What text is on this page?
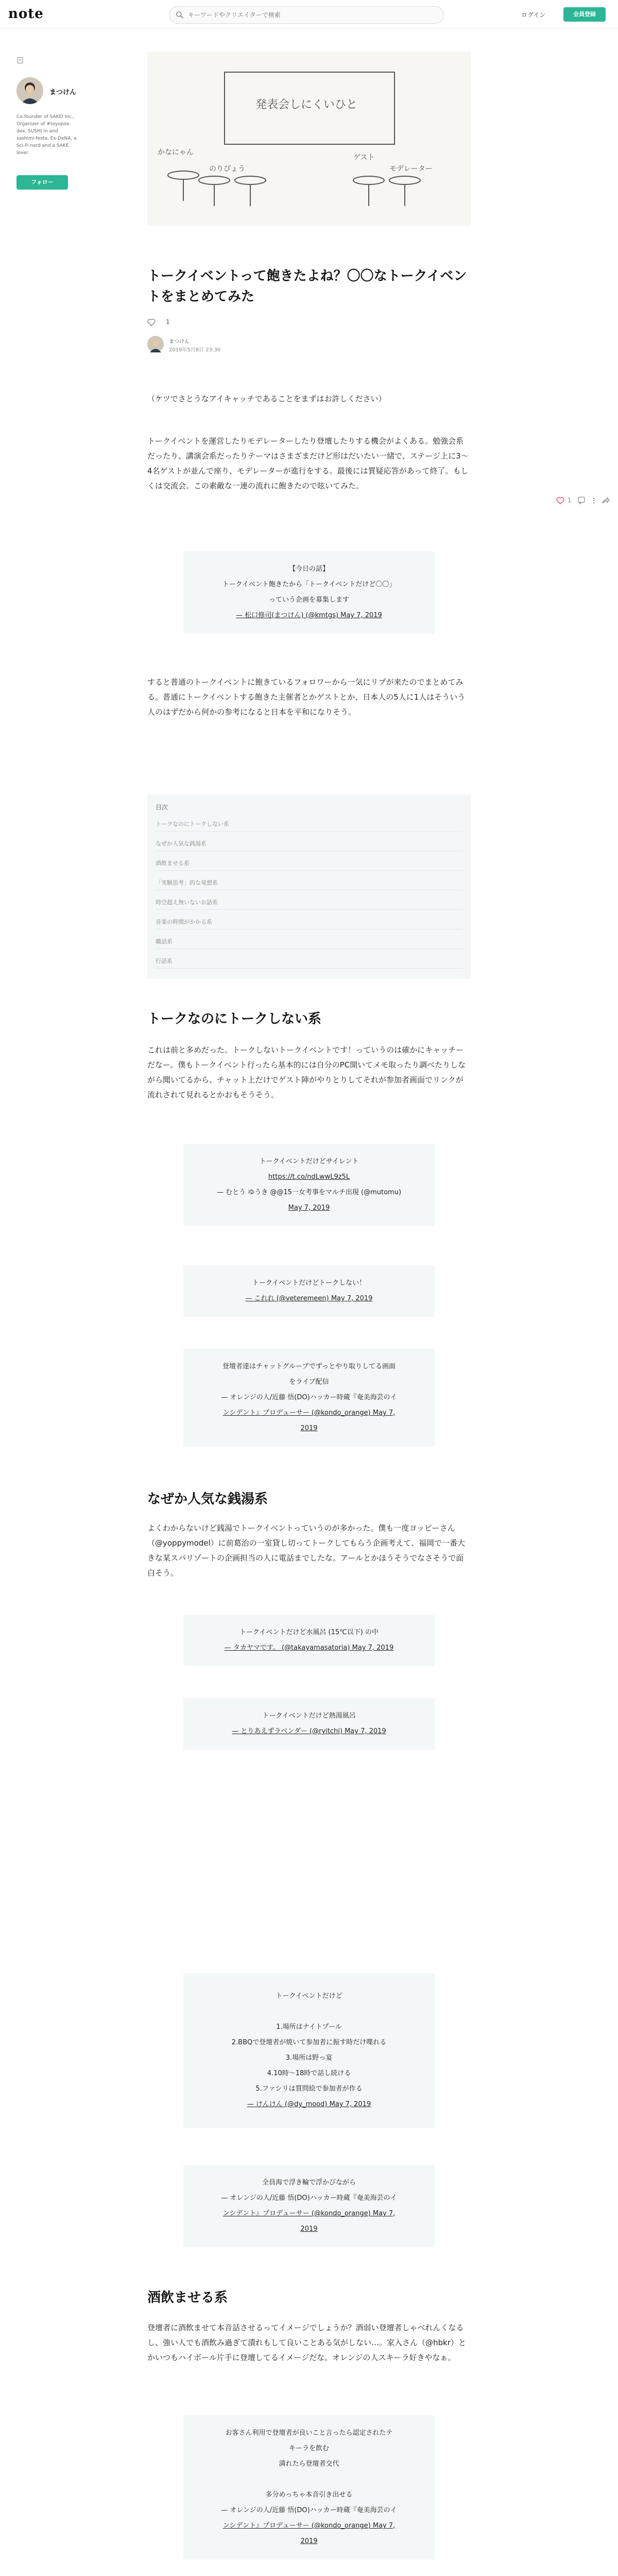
note
キーワードやクリエイターで検索	ログイン	会員登録
まつけん
Co-founder of SAKEI Inc., Organizer of #toyopoe-dex, SUSHI in and sashimi-festa, Ex-DeNA, a Sci-Fi nerd and a SAKE lover.
フォロー
1
発表会しにくいひと
かなにゃん
のりぴょう
ゲスト
モデレーター
トークイベントって飽きたよね？〇〇なトークイベントをまとめてみた
1
まつけん
2019年5月8日 23:30
（ケツでさとうなアイキャッチであることをまずはお許しください）
トークイベントを運営したりモデレーターしたり登壇したりする機会がよくある。勉強会系だったり、講演会系だったりテーマはさまざまだけど形はだいたい一緒で、ステージ上に3〜4名ゲストが並んで座り、モデレーターが進行をする。最後には質疑応答があって終了。もしくは交流会。この素敵な一連の流れに飽きたので呟いてみた。
【今日の話】
トークイベント飽きたから「トークイベントだけど〇〇」
っていう企画を募集します
— 松口修司(まつけん) (@kmtgs) May 7, 2019
すると普通のトークイベントに飽きているフォロワーから一気にリプが来たのでまとめてみる。普通にトークイベントする飽きた主催者とかゲストとか、日本人の5人に1人はそういう人のはずだから何かの参考になると日本を平和になりそう。
目次
トークなのにトークしない系
なぜか人気な銭湯系
酒飲ませる系
「実験思考」的な発想系
時空超え無いないお話系
音楽の時間がかかる系
職話系
行話系
トークなのにトークしない系
これは前と多めだった。トークしないトークイベントです！っていうのは確かにキャッチーだなー。僕もトークイベント行ったら基本的には自分のPC開いてメモ取ったり調べたりしながら聞いてるから、チャット上だけでゲスト陣がやりとりしてそれが参加者画面でリンクが流れされて見れるとかおもそうそう。
トークイベントだけどサイレント
https://t.co/ndLwwL9z5L
— むとう ゆうき @@15一女考事をマルチ出現 (@mutomu)
May 7, 2019
トークイベントだけどトークしない！
— これれ (@veteremeen) May 7, 2019
登壇者達はチャットグループでずっとやり取りしてる画面
をライブ配信
— オレンジの人/近藤 悟(DO)ハッカー時蔵『奄美海芸のイ
ンシデント』プロデューサー (@kondo_orange) May 7,
2019
なぜか人気な銭湯系
よくわからないけど銭湯でトークイベントっていうのが多かった。僕も一度ヨッピーさん（@yoppymodel）に前葛治の一室貸し切ってトークしてもらう企画考えて、福岡で一番大きな某スパリゾートの企画担当の人に電話までしたな。アールとかほうそうでなさそうで面白そう。
トークイベントだけど水風呂 (15℃以下) の中
— タカヤマです。 (@takayamasatoria) May 7, 2019
トークイベントだけど熱湯風呂
— とりあえずラベンダー (@ryitchi) May 7, 2019
トークイベントだけど

1.場所はナイトプール
2.BBQで登壇者が焼いて参加者に振す時だけ喋れる
3.場所は野っ宴
4.10時〜18時で話し続ける
5.ファシリは質問絵で参加者が作る
— けんけん (@dy_mood) May 7, 2019
全員海で浮き輪で浮かびながら
— オレンジの人/近藤 悟(DO)ハッカー時蔵『奄美海芸のイ
ンシデント』プロデューサー (@kondo_orange) May 7,
2019
酒飲ませる系
登壇者に酒飲ませて本音話させるってイメージでしょうか？酒弱い登壇者しゃべれんくなるし、強い人でも酒飲み過ぎて潰れもして良いことある気がしない…。家入さん（@hbkr）とかいつもハイボール片手に登壇してるイメージだな。オレンジの人スキーラ好きやなぁ。
お客さん利用で登壇者が良いこと言ったら認定されたテ
キーラを飲む
満れたら登壇者交代

多分めっちゃ本音引き出せる
— オレンジの人/近藤 悟(DO)ハッカー時蔵『奄美海芸のイ
ンシデント』プロデューサー (@kondo_orange) May 7,
2019
